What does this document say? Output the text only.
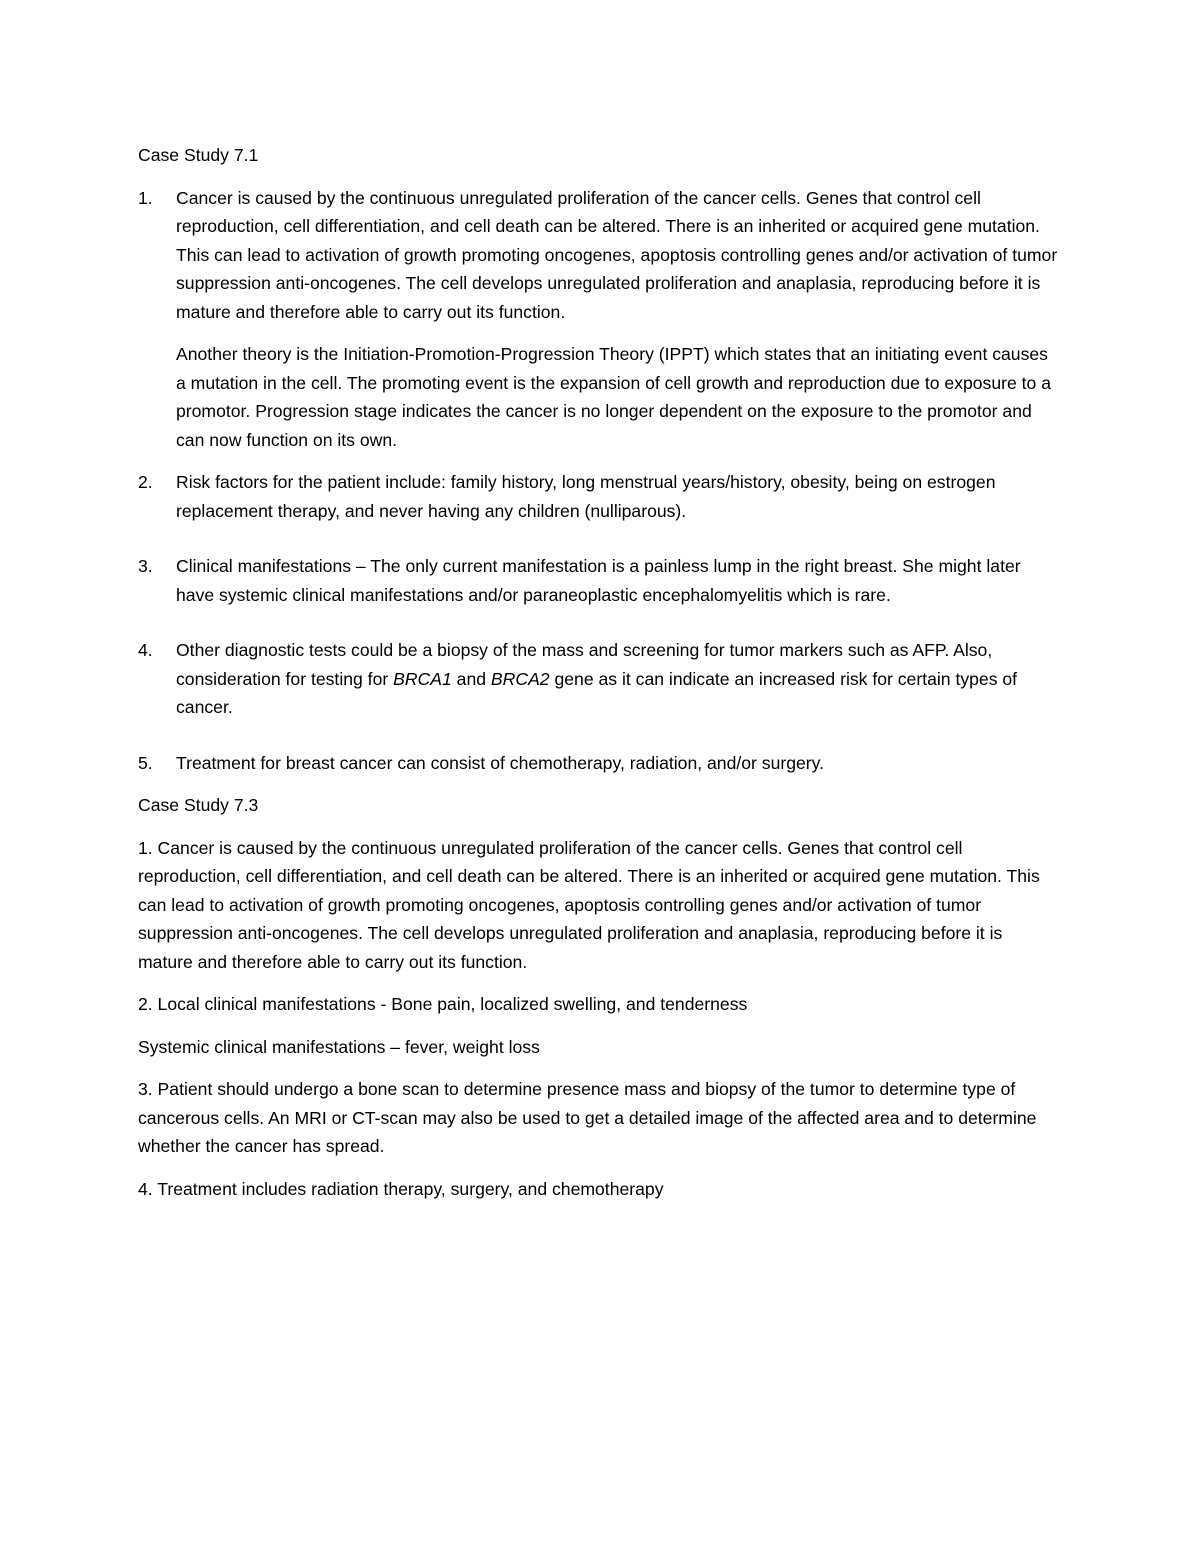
Case Study 7.1

1. Cancer is caused by the continuous unregulated proliferation of the cancer cells. Genes that control cell reproduction, cell differentiation, and cell death can be altered. There is an inherited or acquired gene mutation. This can lead to activation of growth promoting oncogenes, apoptosis controlling genes and/or activation of tumor suppression anti-oncogenes. The cell develops unregulated proliferation and anaplasia, reproducing before it is mature and therefore able to carry out its function.

Another theory is the Initiation-Promotion-Progression Theory (IPPT) which states that an initiating event causes a mutation in the cell. The promoting event is the expansion of cell growth and reproduction due to exposure to a promotor. Progression stage indicates the cancer is no longer dependent on the exposure to the promotor and can now function on its own.

2. Risk factors for the patient include: family history, long menstrual years/history, obesity, being on estrogen replacement therapy, and never having any children (nulliparous).
3. Clinical manifestations – The only current manifestation is a painless lump in the right breast. She might later have systemic clinical manifestations and/or paraneoplastic encephalomyelitis which is rare.
4. Other diagnostic tests could be a biopsy of the mass and screening for tumor markers such as AFP. Also, consideration for testing for BRCA1 and BRCA2 gene as it can indicate an increased risk for certain types of cancer.
5. Treatment for breast cancer can consist of chemotherapy, radiation, and/or surgery.

Case Study 7.3

1. Cancer is caused by the continuous unregulated proliferation of the cancer cells. Genes that control cell reproduction, cell differentiation, and cell death can be altered. There is an inherited or acquired gene mutation. This can lead to activation of growth promoting oncogenes, apoptosis controlling genes and/or activation of tumor suppression anti-oncogenes. The cell develops unregulated proliferation and anaplasia, reproducing before it is mature and therefore able to carry out its function.

2. Local clinical manifestations - Bone pain, localized swelling, and tenderness

Systemic clinical manifestations – fever, weight loss

3. Patient should undergo a bone scan to determine presence mass and biopsy of the tumor to determine type of cancerous cells. An MRI or CT-scan may also be used to get a detailed image of the affected area and to determine whether the cancer has spread.

4. Treatment includes radiation therapy, surgery, and chemotherapy
